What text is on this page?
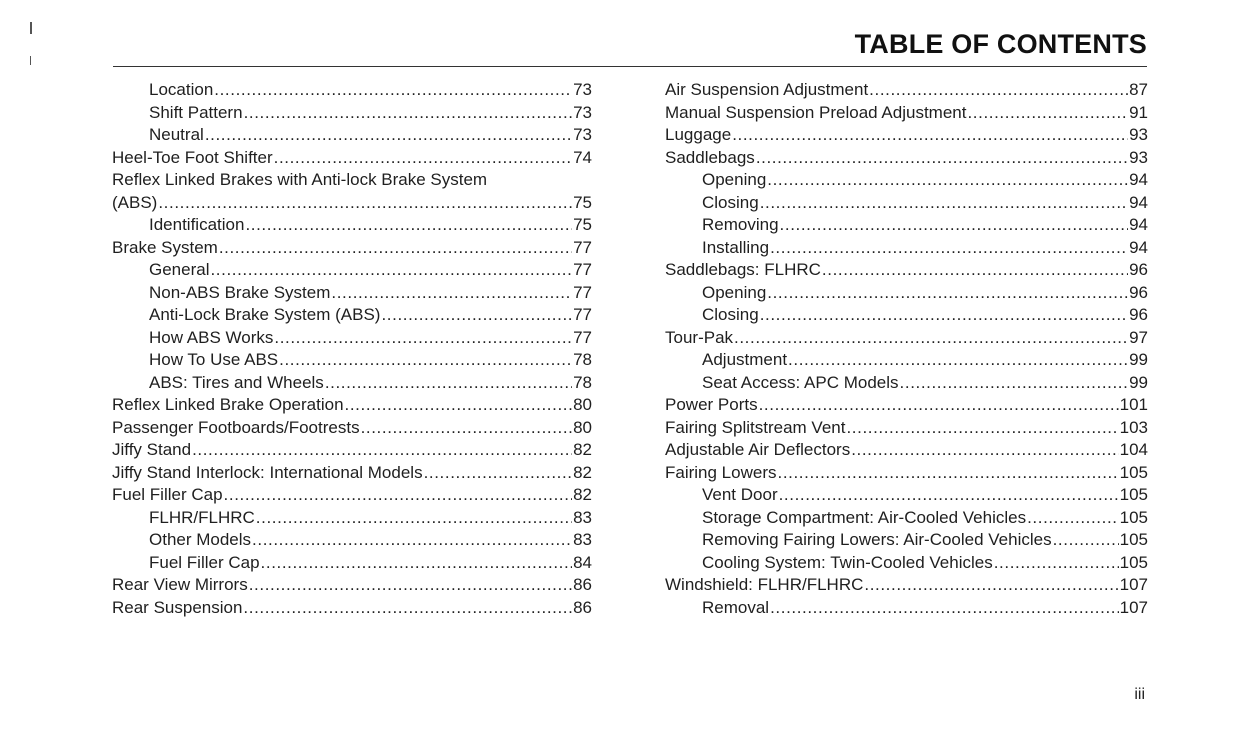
TABLE OF CONTENTS
Location .....	73
Shift Pattern .....	73
Neutral .....	73
Heel-Toe Foot Shifter .....	74
Reflex Linked Brakes with Anti-lock Brake System
(ABS) .....	75
Identification .....	75
Brake System .....	77
General .....	77
Non-ABS Brake System .....	77
Anti-Lock Brake System (ABS) .....	77
How ABS Works .....	77
How To Use ABS .....	78
ABS: Tires and Wheels .....	78
Reflex Linked Brake Operation .....	80
Passenger Footboards/Footrests .....	80
Jiffy Stand .....	82
Jiffy Stand Interlock: International Models .....	82
Fuel Filler Cap .....	82
FLHR/FLHRC .....	83
Other Models .....	83
Fuel Filler Cap .....	84
Rear View Mirrors .....	86
Rear Suspension .....	86
Air Suspension Adjustment .....	87
Manual Suspension Preload Adjustment .....	91
Luggage .....	93
Saddlebags .....	93
Opening .....	94
Closing .....	94
Removing .....	94
Installing .....	94
Saddlebags: FLHRC .....	96
Opening .....	96
Closing .....	96
Tour-Pak .....	97
Adjustment .....	99
Seat Access: APC Models .....	99
Power Ports .....	101
Fairing Splitstream Vent .....	103
Adjustable Air Deflectors .....	104
Fairing Lowers .....	105
Vent Door .....	105
Storage Compartment: Air-Cooled Vehicles .....	105
Removing Fairing Lowers: Air-Cooled Vehicles .....	105
Cooling System: Twin-Cooled Vehicles .....	105
Windshield: FLHR/FLHRC .....	107
Removal .....	107
iii
